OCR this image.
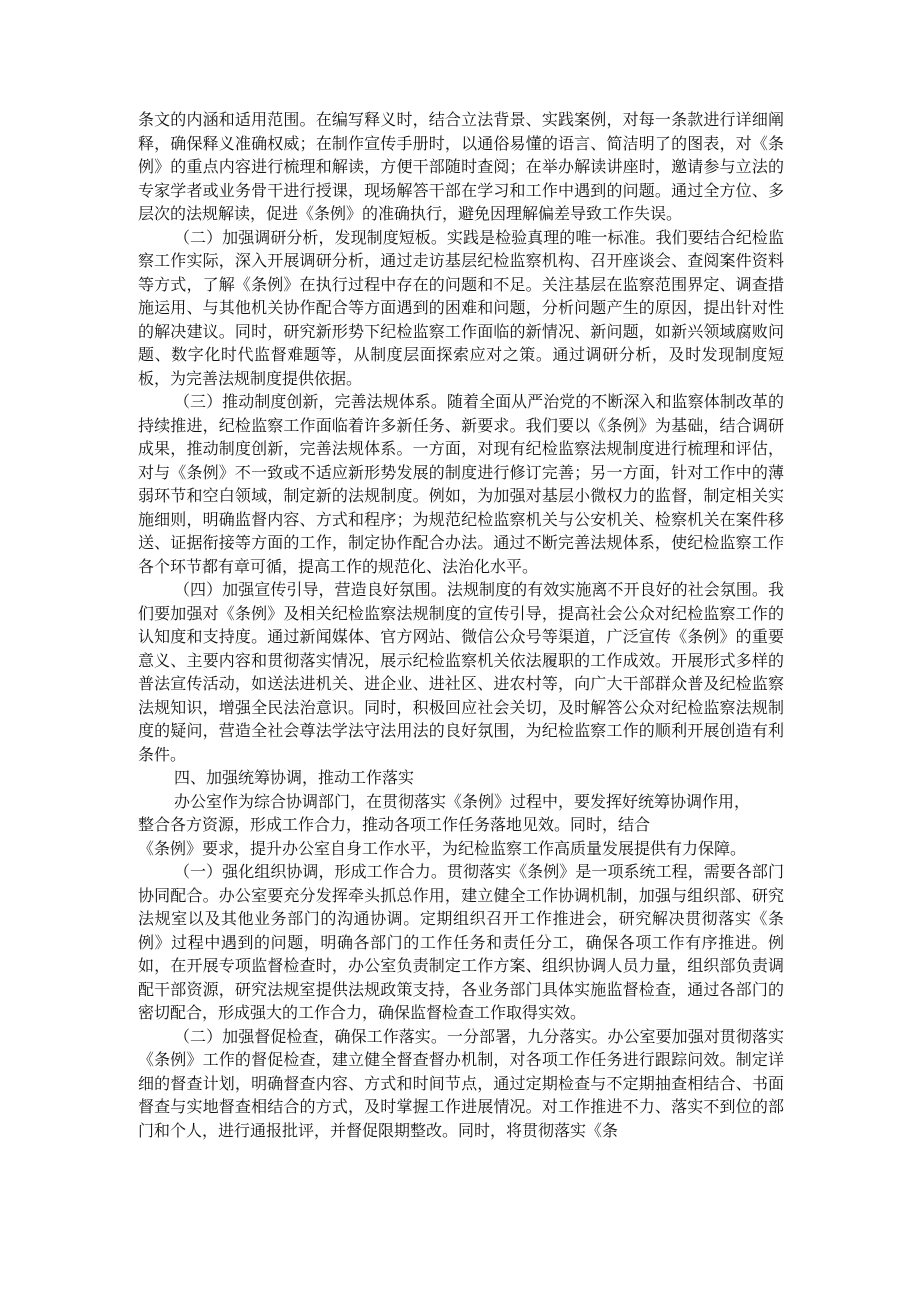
条文的内涵和适用范围。在编写释义时，结合立法背景、实践案例，对每一条款进行详细阐释，确保释义准确权威；在制作宣传手册时，以通俗易懂的语言、简洁明了的图表，对《条例》的重点内容进行梳理和解读，方便干部随时查阅；在举办解读讲座时，邀请参与立法的专家学者或业务骨干进行授课，现场解答干部在学习和工作中遇到的问题。通过全方位、多层次的法规解读，促进《条例》的准确执行，避免因理解偏差导致工作失误。

（二）加强调研分析，发现制度短板。实践是检验真理的唯一标准。我们要结合纪检监察工作实际，深入开展调研分析，通过走访基层纪检监察机构、召开座谈会、查阅案件资料等方式，了解《条例》在执行过程中存在的问题和不足。关注基层在监察范围界定、调查措施运用、与其他机关协作配合等方面遇到的困难和问题，分析问题产生的原因，提出针对性的解决建议。同时，研究新形势下纪检监察工作面临的新情况、新问题，如新兴领域腐败问题、数字化时代监督难题等，从制度层面探索应对之策。通过调研分析，及时发现制度短板，为完善法规制度提供依据。

（三）推动制度创新，完善法规体系。随着全面从严治党的不断深入和监察体制改革的持续推进，纪检监察工作面临着许多新任务、新要求。我们要以《条例》为基础，结合调研成果，推动制度创新，完善法规体系。一方面，对现有纪检监察法规制度进行梳理和评估，对与《条例》不一致或不适应新形势发展的制度进行修订完善；另一方面，针对工作中的薄弱环节和空白领域，制定新的法规制度。例如，为加强对基层小微权力的监督，制定相关实施细则，明确监督内容、方式和程序；为规范纪检监察机关与公安机关、检察机关在案件移送、证据衔接等方面的工作，制定协作配合办法。通过不断完善法规体系，使纪检监察工作各个环节都有章可循，提高工作的规范化、法治化水平。

（四）加强宣传引导，营造良好氛围。法规制度的有效实施离不开良好的社会氛围。我们要加强对《条例》及相关纪检监察法规制度的宣传引导，提高社会公众对纪检监察工作的认知度和支持度。通过新闻媒体、官方网站、微信公众号等渠道，广泛宣传《条例》的重要意义、主要内容和贯彻落实情况，展示纪检监察机关依法履职的工作成效。开展形式多样的普法宣传活动，如送法进机关、进企业、进社区、进农村等，向广大干部群众普及纪检监察法规知识，增强全民法治意识。同时，积极回应社会关切，及时解答公众对纪检监察法规制度的疑问，营造全社会尊法学法守法用法的良好氛围，为纪检监察工作的顺利开展创造有利条件。

四、加强统筹协调，推动工作落实

办公室作为综合协调部门，在贯彻落实《条例》过程中，要发挥好统筹协调作用，

整合各方资源，形成工作合力，推动各项工作任务落地见效。同时，结合

《条例》要求，提升办公室自身工作水平，为纪检监察工作高质量发展提供有力保障。

（一）强化组织协调，形成工作合力。贯彻落实《条例》是一项系统工程，需要各部门协同配合。办公室要充分发挥牵头抓总作用，建立健全工作协调机制，加强与组织部、研究法规室以及其他业务部门的沟通协调。定期组织召开工作推进会，研究解决贯彻落实《条例》过程中遇到的问题，明确各部门的工作任务和责任分工，确保各项工作有序推进。例如，在开展专项监督检查时，办公室负责制定工作方案、组织协调人员力量，组织部负责调配干部资源，研究法规室提供法规政策支持，各业务部门具体实施监督检查，通过各部门的密切配合，形成强大的工作合力，确保监督检查工作取得实效。

（二）加强督促检查，确保工作落实。一分部署，九分落实。办公室要加强对贯彻落实《条例》工作的督促检查，建立健全督查督办机制，对各项工作任务进行跟踪问效。制定详细的督查计划，明确督查内容、方式和时间节点，通过定期检查与不定期抽查相结合、书面督查与实地督查相结合的方式，及时掌握工作进展情况。对工作推进不力、落实不到位的部门和个人，进行通报批评，并督促限期整改。同时，将贯彻落实《条
